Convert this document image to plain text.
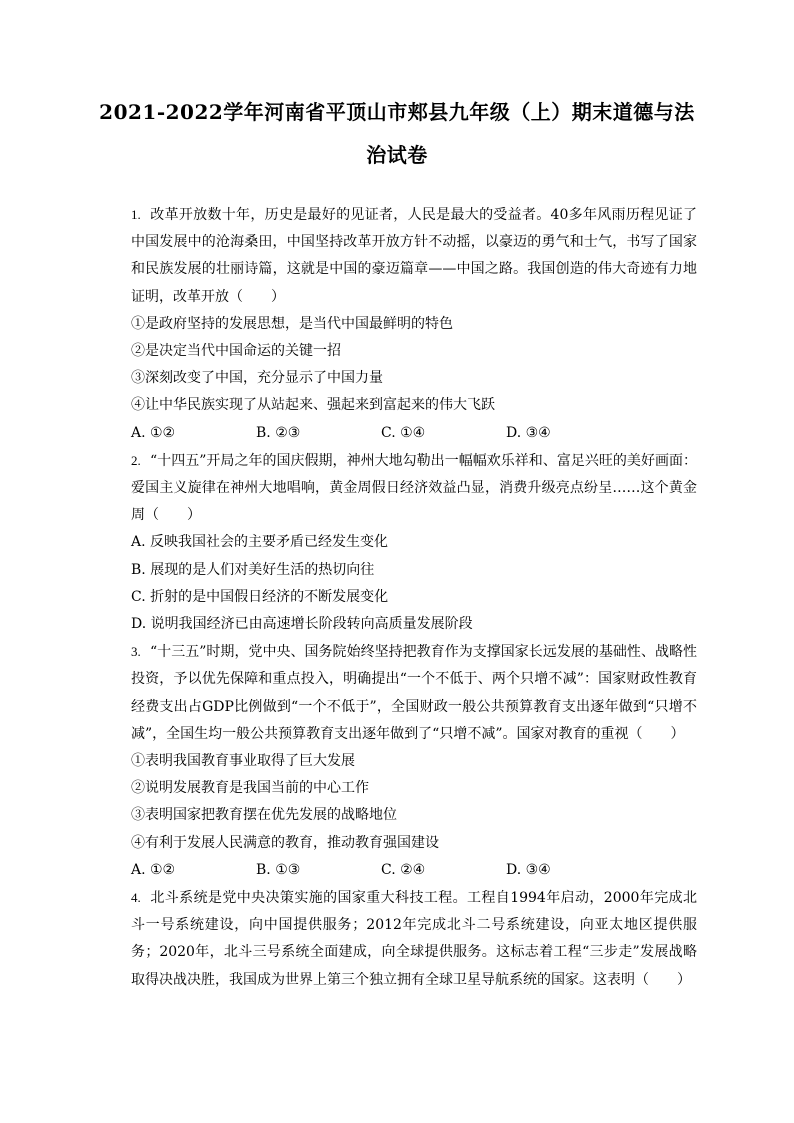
2021-2022学年河南省平顶山市郏县九年级（上）期末道德与法
治试卷
1. 改革开放数十年，历史是最好的见证者，人民是最大的受益者。40多年风雨历程见证了中国发展中的沧海桑田，中国坚持改革开放方针不动摇，以豪迈的勇气和士气，书写了国家和民族发展的壮丽诗篇，这就是中国的豪迈篇章——中国之路。我国创造的伟大奇迹有力地证明，改革开放（　　）
①是政府坚持的发展思想，是当代中国最鲜明的特色
②是决定当代中国命运的关键一招
③深刻改变了中国，充分显示了中国力量
④让中华民族实现了从站起来、强起来到富起来的伟大飞跃
A. ①②	B. ②③	C. ①④	D. ③④
2. “十四五”开局之年的国庆假期，神州大地勾勒出一幅幅欢乐祥和、富足兴旺的美好画面：爱国主义旋律在神州大地唱响，黄金周假日经济效益凸显，消费升级亮点纷呈……这个黄金周（　　）
A. 反映我国社会的主要矛盾已经发生变化
B. 展现的是人们对美好生活的热切向往
C. 折射的是中国假日经济的不断发展变化
D. 说明我国经济已由高速增长阶段转向高质量发展阶段
3. “十三五”时期，党中央、国务院始终坚持把教育作为支撑国家长远发展的基础性、战略性投资，予以优先保障和重点投入，明确提出“一个不低于、两个只增不减”：国家财政性教育经费支出占GDP比例做到“一个不低于”，全国财政一般公共预算教育支出逐年做到“只增不减”，全国生均一般公共预算教育支出逐年做到了“只增不减”。国家对教育的重视（　　）
①表明我国教育事业取得了巨大发展
②说明发展教育是我国当前的中心工作
③表明国家把教育摆在优先发展的战略地位
④有利于发展人民满意的教育，推动教育强国建设
A. ①②	B. ①③	C. ②④	D. ③④
4. 北斗系统是党中央决策实施的国家重大科技工程。工程自1994年启动，2000年完成北斗一号系统建设，向中国提供服务；2012年完成北斗二号系统建设，向亚太地区提供服务；2020年，北斗三号系统全面建成，向全球提供服务。这标志着工程“三步走”发展战略取得决战决胜，我国成为世界上第三个独立拥有全球卫星导航系统的国家。这表明（　　）
